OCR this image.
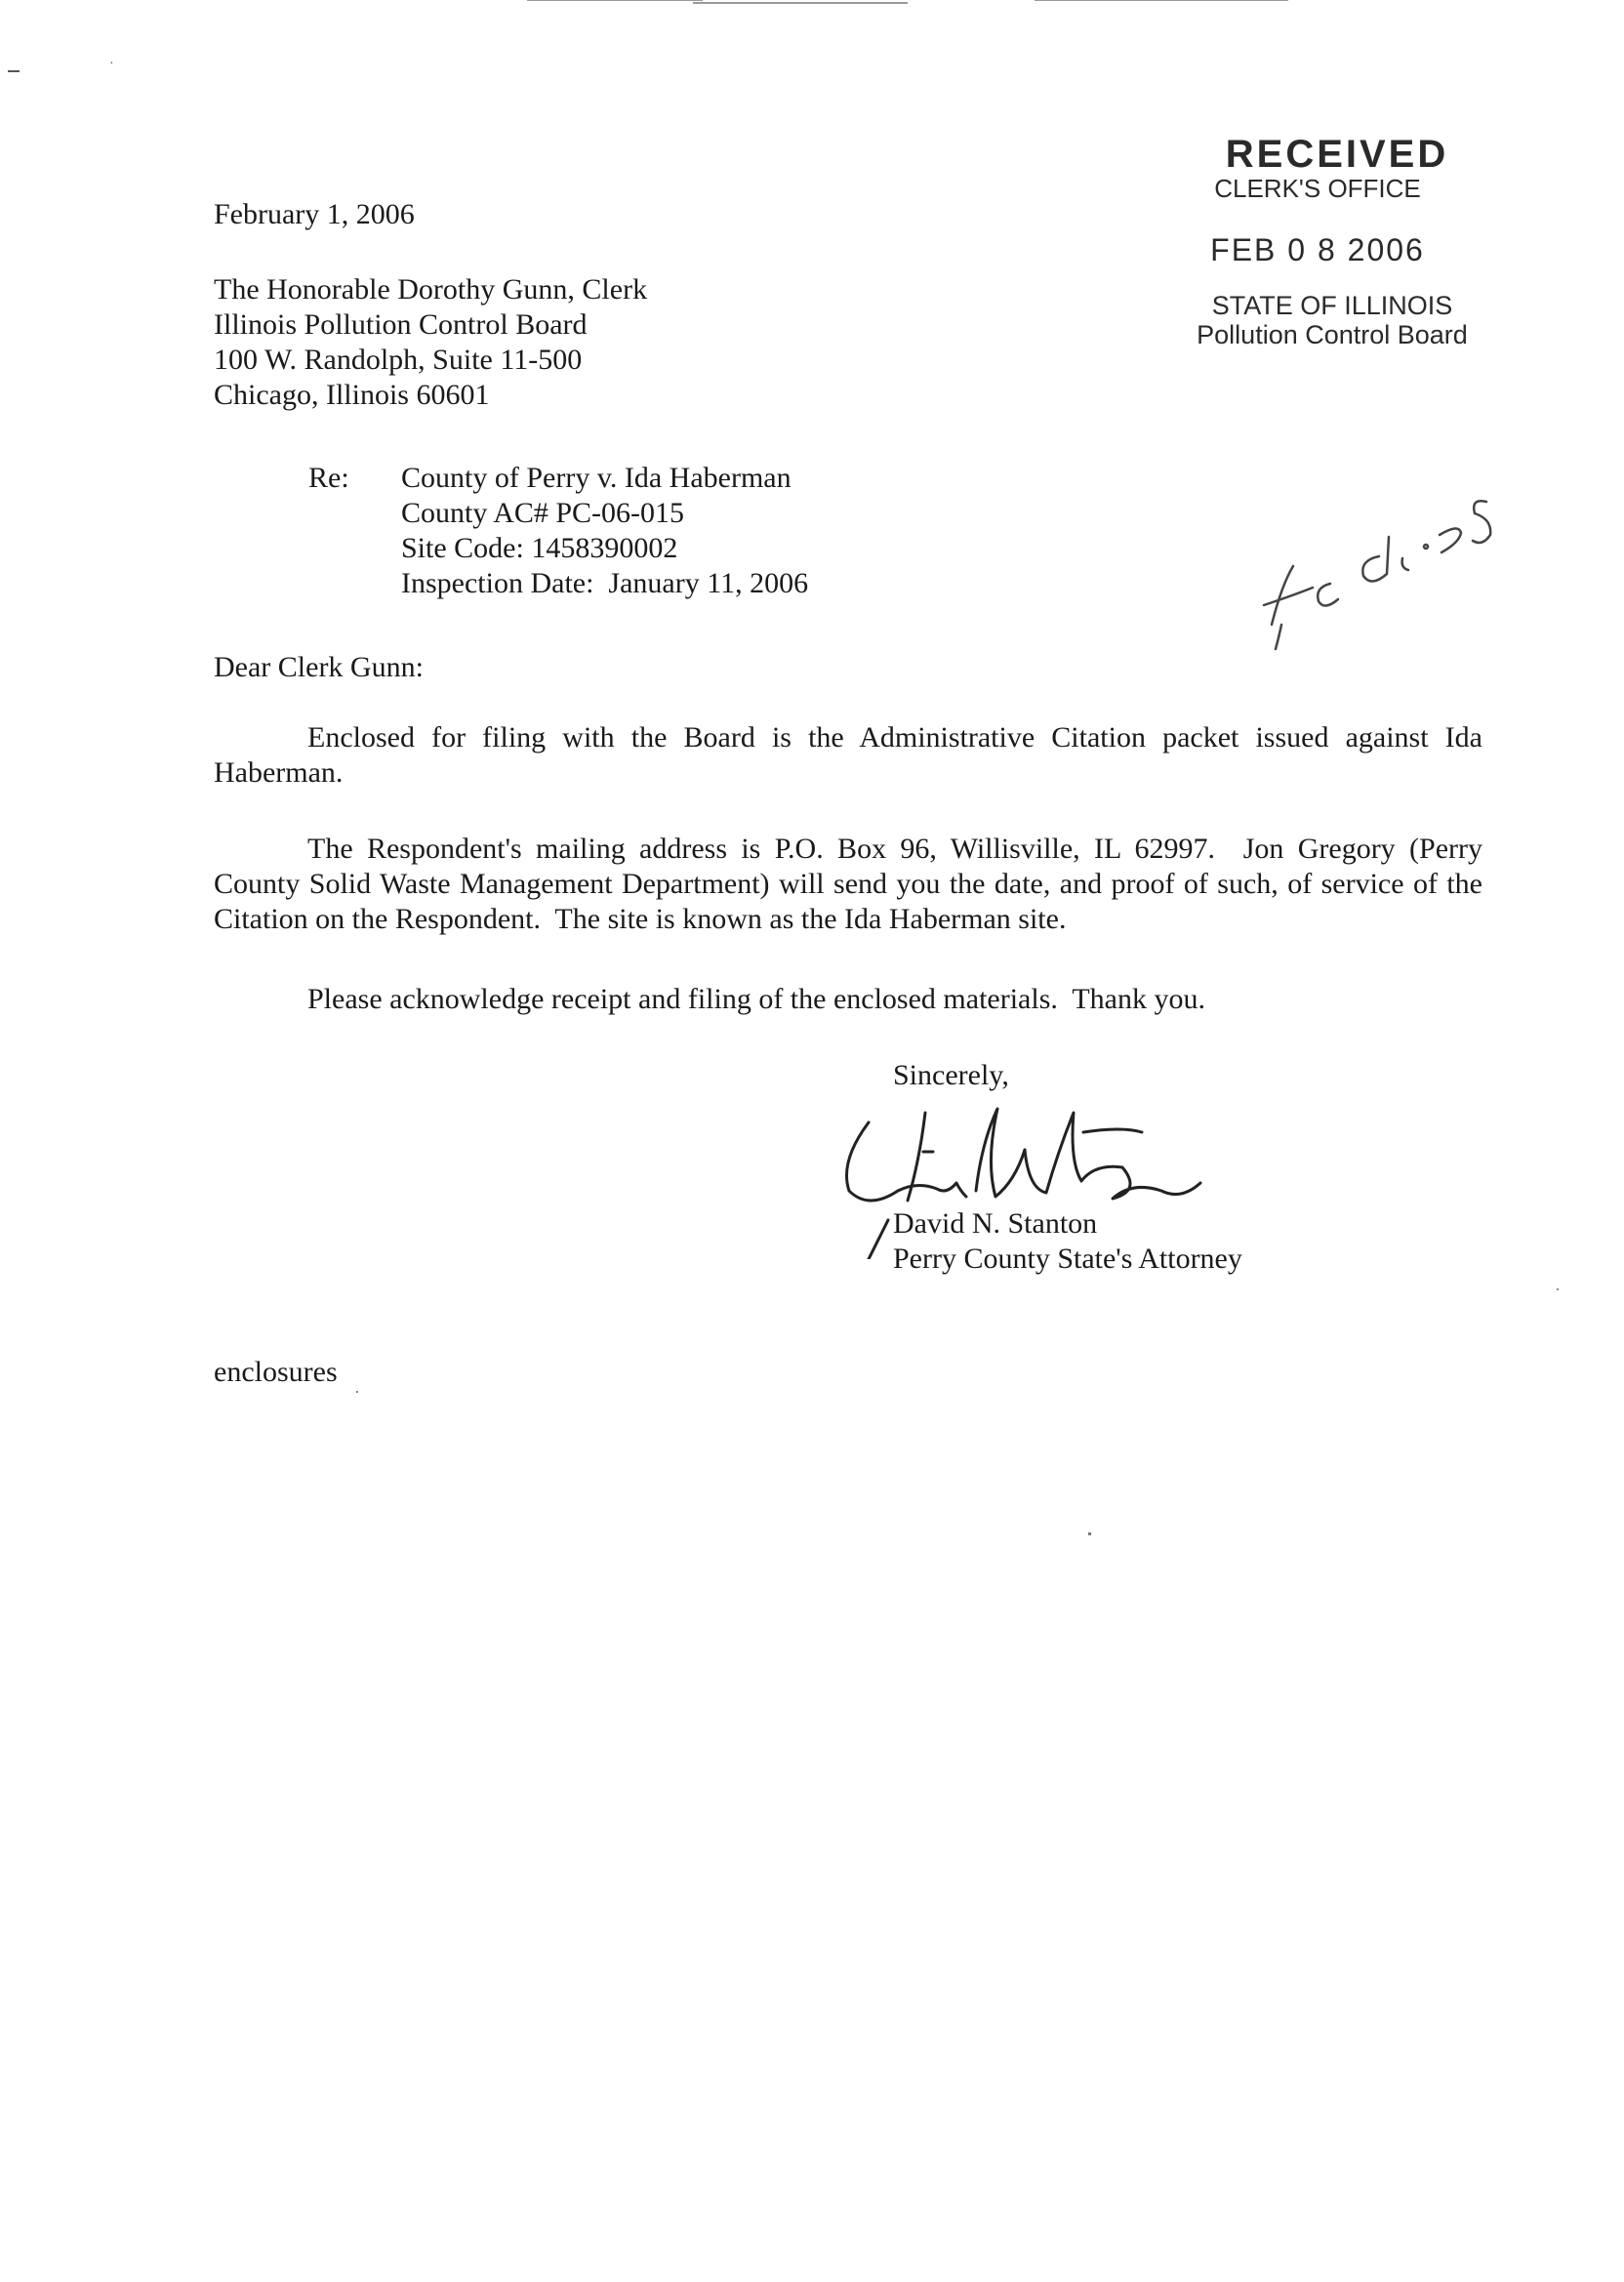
RECEIVED
CLERK'S OFFICE
FEB 0 8 2006
STATE OF ILLINOIS
Pollution Control Board
February 1, 2006
The Honorable Dorothy Gunn, Clerk
Illinois Pollution Control Board
100 W. Randolph, Suite 11-500
Chicago, Illinois 60601
Re: County of Perry v. Ida Haberman
County AC# PC-06-015
Site Code: 1458390002
Inspection Date:  January 11, 2006
Dear Clerk Gunn:
Enclosed for filing with the Board is the Administrative Citation packet issued against Ida Haberman.
The Respondent's mailing address is P.O. Box 96, Willisville, IL 62997.  Jon Gregory (Perry County Solid Waste Management Department) will send you the date, and proof of such, of service of the Citation on the Respondent.  The site is known as the Ida Haberman site.
Please acknowledge receipt and filing of the enclosed materials.  Thank you.
Sincerely,
David N. Stanton
Perry County State's Attorney
enclosures
·
